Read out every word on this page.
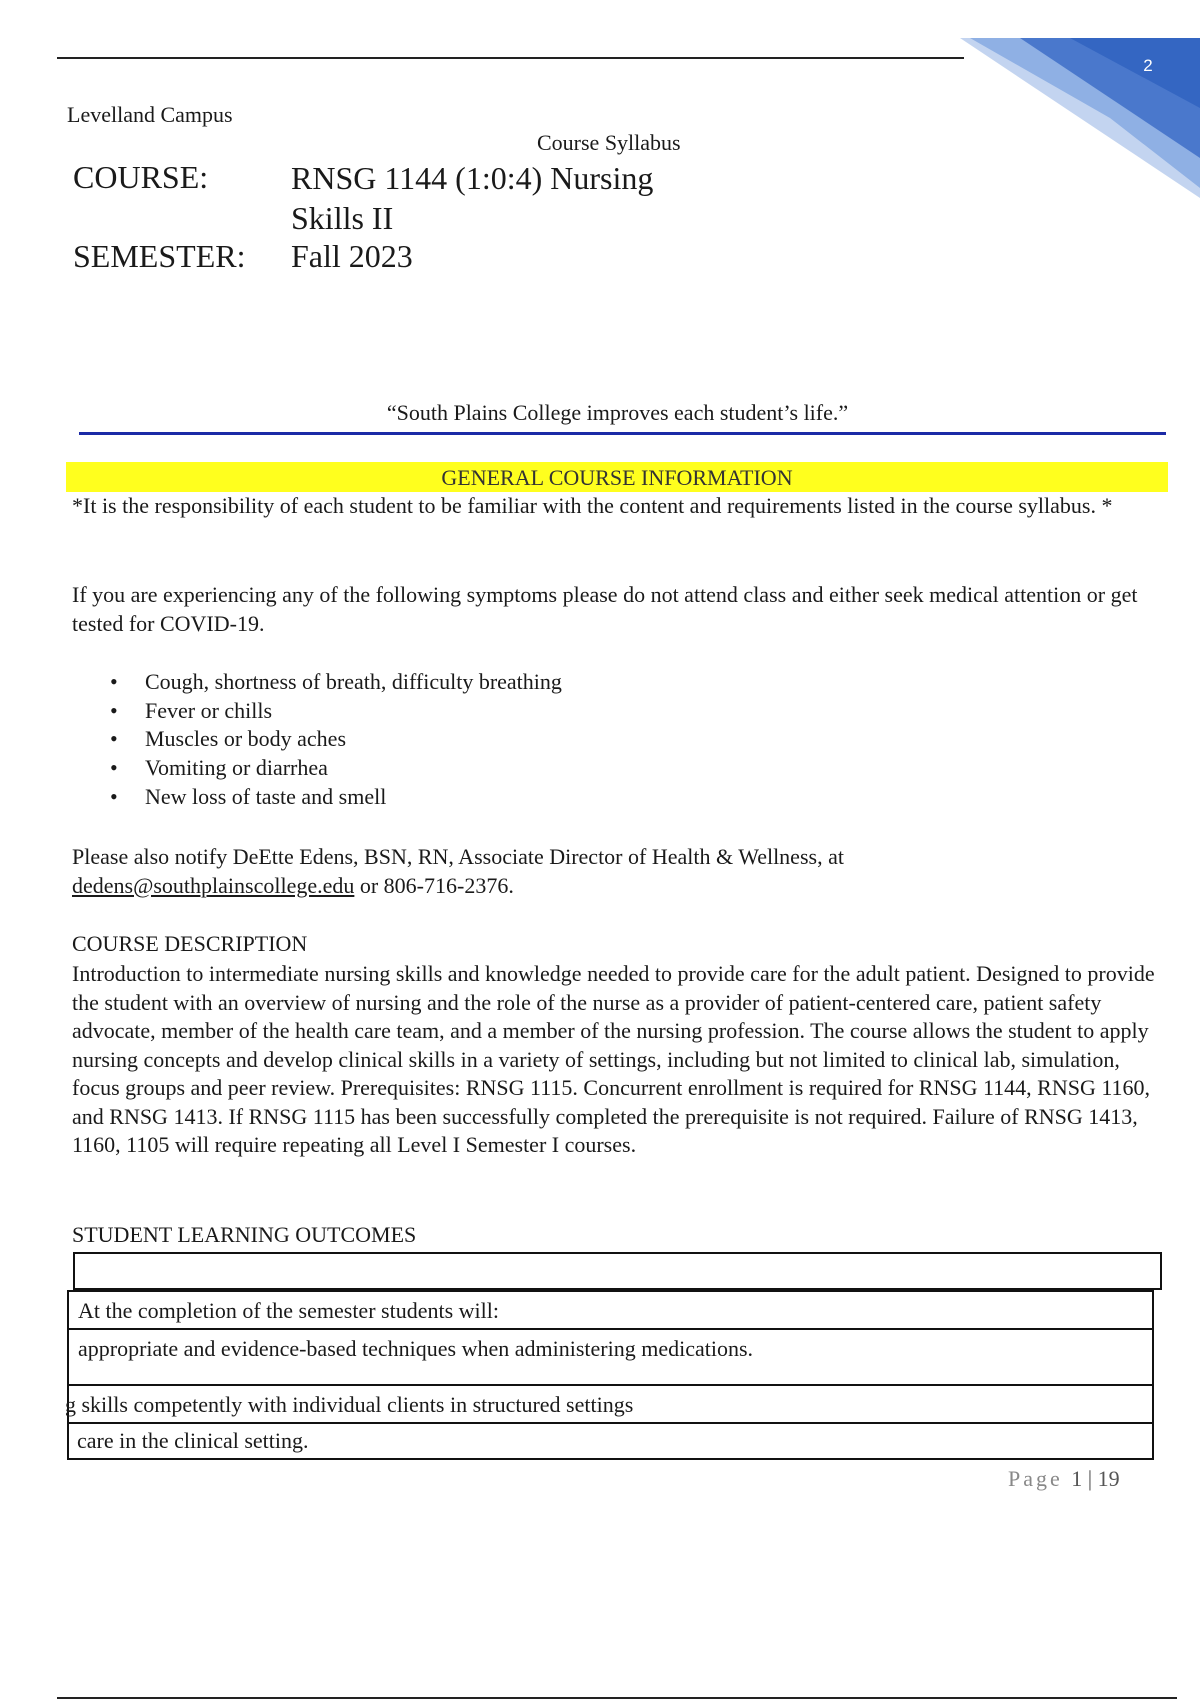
2
Levelland Campus
Course Syllabus
COURSE:	RNSG 1144 (1:0:4) Nursing
Skills II
SEMESTER: Fall 2023
“South Plains College improves each student’s life.”
GENERAL COURSE INFORMATION
*It is the responsibility of each student to be familiar with the content and requirements listed in the course syllabus. *
If you are experiencing any of the following symptoms please do not attend class and either seek medical attention or get tested for COVID-19.
• Cough, shortness of breath, difficulty breathing
• Fever or chills
• Muscles or body aches
• Vomiting or diarrhea
• New loss of taste and smell
Please also notify DeEtte Edens, BSN, RN, Associate Director of Health & Wellness, at
dedens@southplainscollege.edu or 806-716-2376.
COURSE DESCRIPTION
Introduction to intermediate nursing skills and knowledge needed to provide care for the adult patient. Designed to provide the student with an overview of nursing and the role of the nurse as a provider of patient-centered care, patient safety advocate, member of the health care team, and a member of the nursing profession. The course allows the student to apply nursing concepts and develop clinical skills in a variety of settings, including but not limited to clinical lab, simulation, focus groups and peer review. Prerequisites: RNSG 1115. Concurrent enrollment is required for RNSG 1144, RNSG 1160, and RNSG 1413. If RNSG 1115 has been successfully completed the prerequisite is not required. Failure of RNSG 1413, 1160, 1105 will require repeating all Level I Semester I courses.
STUDENT LEARNING OUTCOMES
At the completion of the semester students will:
appropriate and evidence-based techniques when administering medications.
g skills competently with individual clients in structured settings
care in the clinical setting.
Page 1 | 19
